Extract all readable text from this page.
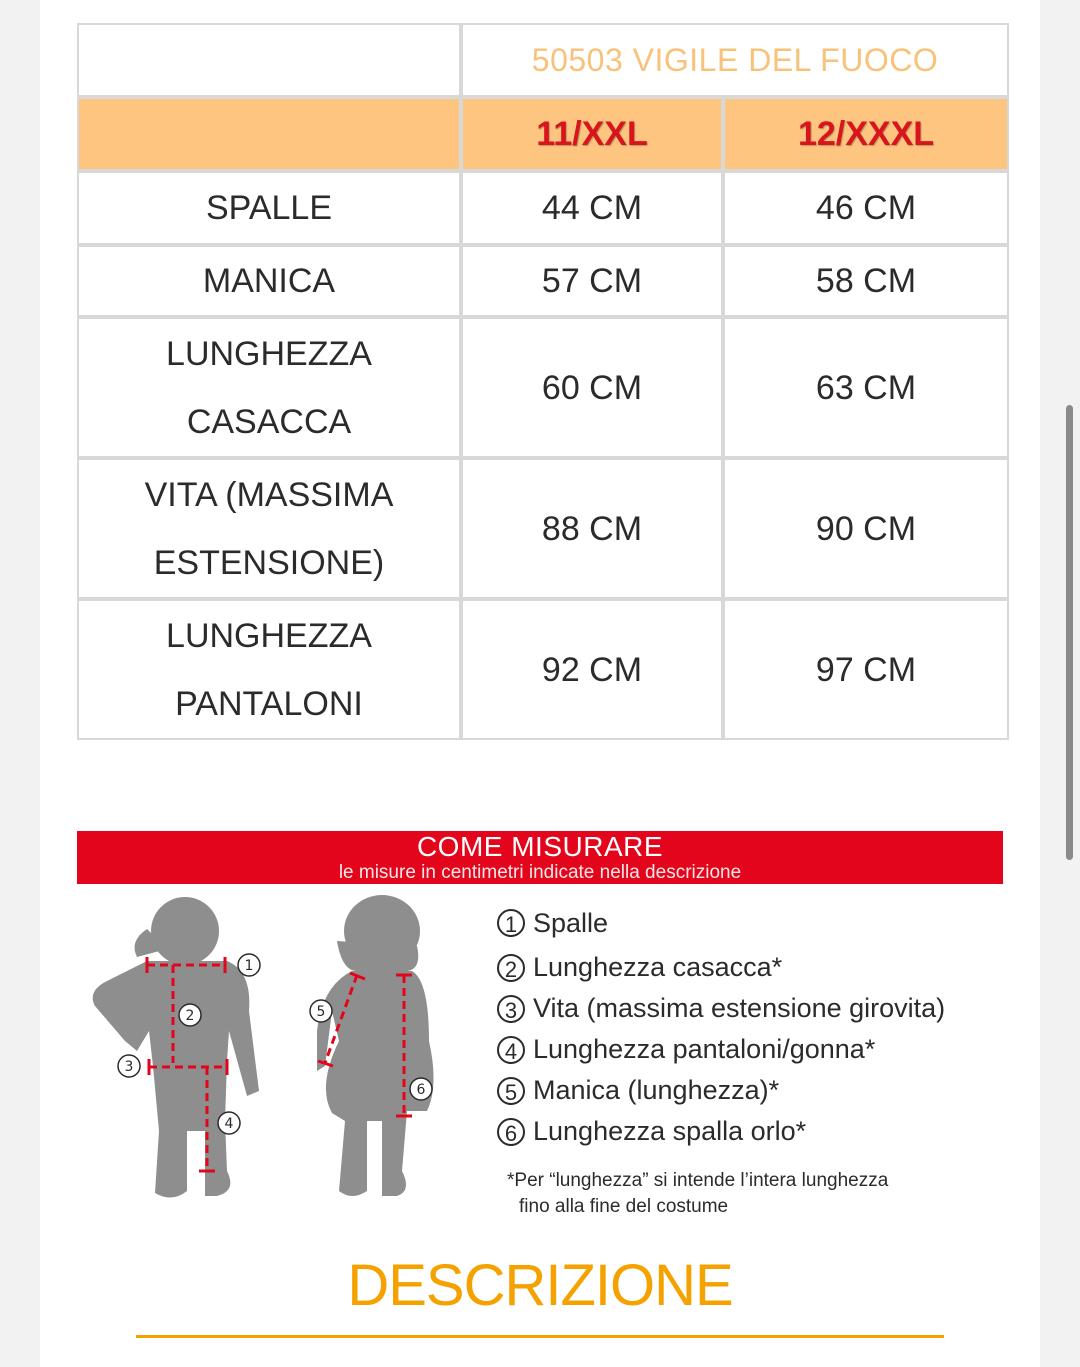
	50503 VIGILE DEL FUOCO	
	11/XXL	12/XXXL
SPALLE	44 CM	46 CM
MANICA	57 CM	58 CM
LUNGHEZZA
CASACCA	60 CM	63 CM
VITA (MASSIMA
ESTENSIONE)	88 CM	90 CM
LUNGHEZZA
PANTALONI	92 CM	97 CM
COME MISURARE
le misure in centimetri indicate nella descrizione
1
2
3
4
5
6
1 Spalle
2 Lunghezza casacca*
3 Vita (massima estensione girovita)
4 Lunghezza pantaloni/gonna*
5 Manica (lunghezza)*
6 Lunghezza spalla orlo*
*Per “lunghezza” si intende l’intera lunghezza
fino alla fine del costume
DESCRIZIONE
